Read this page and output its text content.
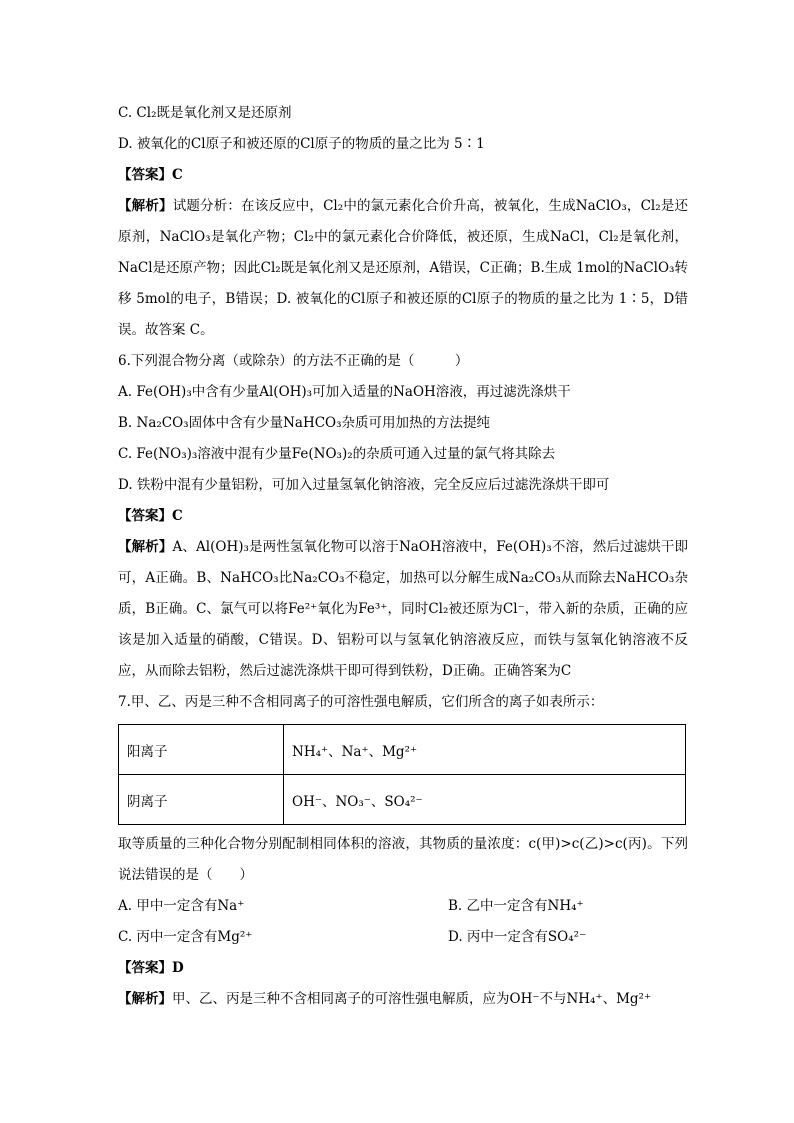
C. Cl₂既是氧化剂又是还原剂
D. 被氧化的Cl原子和被还原的Cl原子的物质的量之比为 5∶1
【答案】C

【解析】试题分析：在该反应中，Cl₂中的氯元素化合价升高，被氧化，生成NaClO₃，Cl₂是还原剂，NaClO₃是氧化产物；Cl₂中的氯元素化合价降低，被还原，生成NaCl，Cl₂是氧化剂，NaCl是还原产物；因此Cl₂既是氧化剂又是还原剂，A错误，C正确；B.生成 1mol的NaClO₃转移 5mol的电子，B错误；D. 被氧化的Cl原子和被还原的Cl原子的物质的量之比为 1∶5，D错误。故答案 C。

6.下列混合物分离（或除杂）的方法不正确的是（　　　）
A. Fe(OH)₃中含有少量Al(OH)₃可加入适量的NaOH溶液，再过滤洗涤烘干
B. Na₂CO₃固体中含有少量NaHCO₃杂质可用加热的方法提纯
C. Fe(NO₃)₃溶液中混有少量Fe(NO₃)₂的杂质可通入过量的氯气将其除去
D. 铁粉中混有少量铝粉，可加入过量氢氧化钠溶液，完全反应后过滤洗涤烘干即可
【答案】C

【解析】A、Al(OH)₃是两性氢氧化物可以溶于NaOH溶液中，Fe(OH)₃不溶，然后过滤烘干即可，A正确。B、NaHCO₃比Na₂CO₃不稳定，加热可以分解生成Na₂CO₃从而除去NaHCO₃杂质，B正确。C、氯气可以将Fe²⁺氧化为Fe³⁺，同时Cl₂被还原为Cl⁻，带入新的杂质，正确的应该是加入适量的硝酸，C错误。D、铝粉可以与氢氧化钠溶液反应，而铁与氢氧化钠溶液不反应，从而除去铝粉，然后过滤洗涤烘干即可得到铁粉，D正确。正确答案为C

7.甲、乙、丙是三种不含相同离子的可溶性强电解质，它们所含的离子如表所示：
阳离子	NH₄⁺、Na⁺、Mg²⁺
阴离子	OH⁻、NO₃⁻、SO₄²⁻

取等质量的三种化合物分别配制相同体积的溶液，其物质的量浓度：c(甲)>c(乙)>c(丙)。下列说法错误的是（　　）

A. 甲中一定含有Na⁺	B. 乙中一定含有NH₄⁺
C. 丙中一定含有Mg²⁺	D. 丙中一定含有SO₄²⁻
【答案】D

【解析】甲、乙、丙是三种不含相同离子的可溶性强电解质，应为OH⁻不与NH₄⁺、Mg²⁺
